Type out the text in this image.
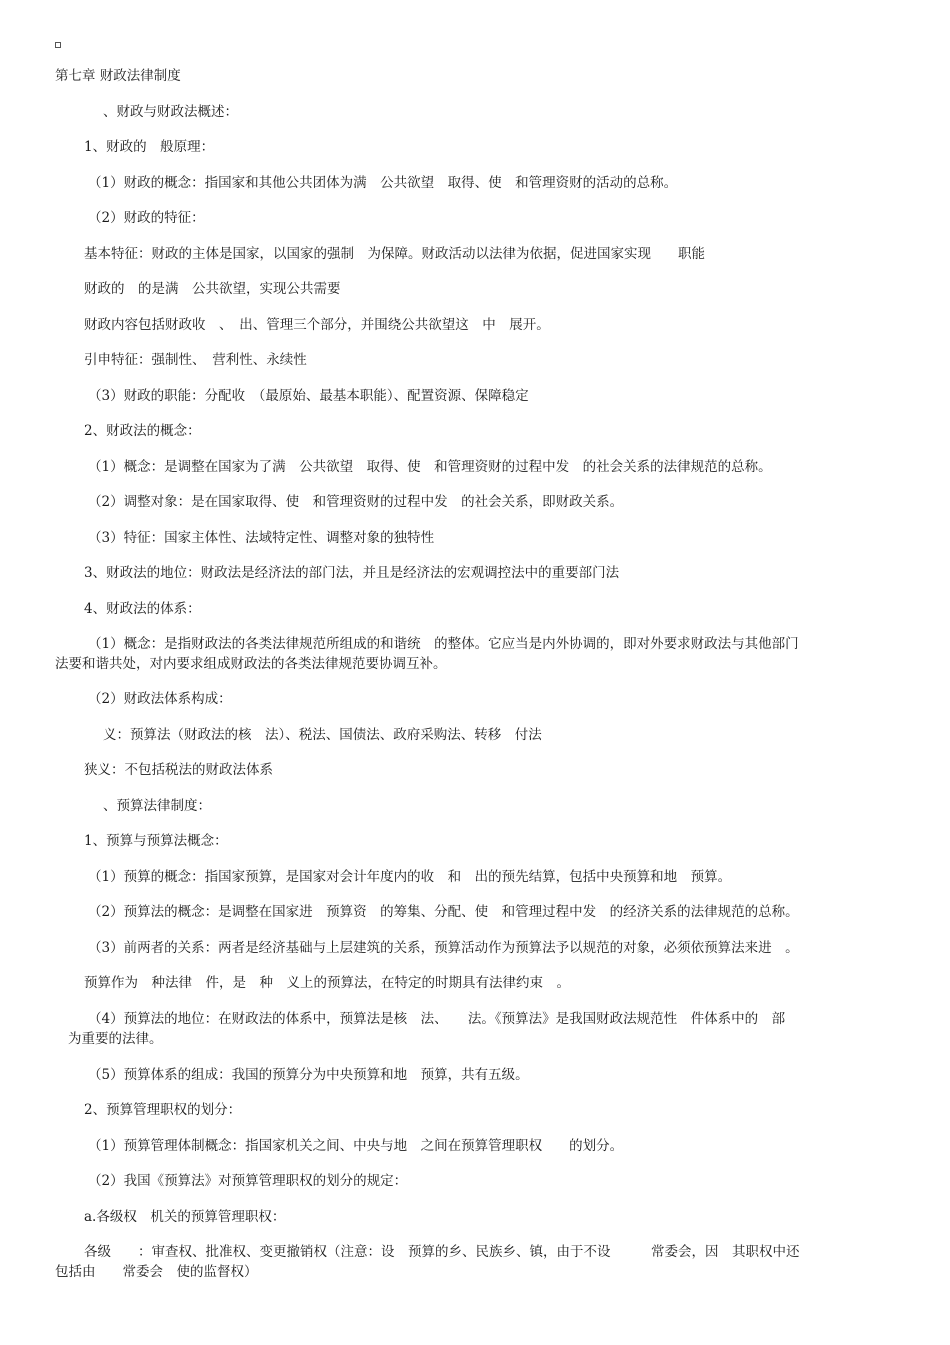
第七章 财政法律制度
、财政与财政法概述：
1、财政的　般原理：
（1）财政的概念：指国家和其他公共团体为满　公共欲望　取得、使　和管理资财的活动的总称。
（2）财政的特征：
基本特征：财政的主体是国家，以国家的强制　为保障。财政活动以法律为依据，促进国家实现　　职能
财政的　的是满　公共欲望，实现公共需要
财政内容包括财政收　、　出、管理三个部分，并围绕公共欲望这　中　展开。
引申特征：强制性、　营利性、永续性
（3）财政的职能：分配收　（最原始、最基本职能）、配置资源、保障稳定
2、财政法的概念：
（1）概念：是调整在国家为了满　公共欲望　取得、使　和管理资财的过程中发　的社会关系的法律规范的总称。
（2）调整对象：是在国家取得、使　和管理资财的过程中发　的社会关系，即财政关系。
（3）特征：国家主体性、法域特定性、调整对象的独特性
3、财政法的地位：财政法是经济法的部门法，并且是经济法的宏观调控法中的重要部门法
4、财政法的体系：
（1）概念：是指财政法的各类法律规范所组成的和谐统　的整体。它应当是内外协调的，即对外要求财政法与其他部门
法要和谐共处，对内要求组成财政法的各类法律规范要协调互补。
（2）财政法体系构成：
义：预算法（财政法的核　法）、税法、国债法、政府采购法、转移　付法
狭义：不包括税法的财政法体系
、预算法律制度：
1、预算与预算法概念：
（1）预算的概念：指国家预算，是国家对会计年度内的收　和　出的预先结算，包括中央预算和地　预算。
（2）预算法的概念：是调整在国家进　预算资　的筹集、分配、使　和管理过程中发　的经济关系的法律规范的总称。
（3）前两者的关系：两者是经济基础与上层建筑的关系，预算活动作为预算法予以规范的对象，必须依预算法来进　。
预算作为　种法律　件，是　种　义上的预算法，在特定的时期具有法律约束　。
（4）预算法的地位：在财政法的体系中，预算法是核　法、　　法。《预算法》是我国财政法规范性　件体系中的　部
为重要的法律。
（5）预算体系的组成：我国的预算分为中央预算和地　预算，共有五级。
2、预算管理职权的划分：
（1）预算管理体制概念：指国家机关之间、中央与地　之间在预算管理职权　　的划分。
（2）我国《预算法》对预算管理职权的划分的规定：
a.各级权　机关的预算管理职权：
各级　　：审查权、批准权、变更撤销权（注意：设　预算的乡、民族乡、镇，由于不设　　　常委会，因　其职权中还
包括由　　常委会　使的监督权）
